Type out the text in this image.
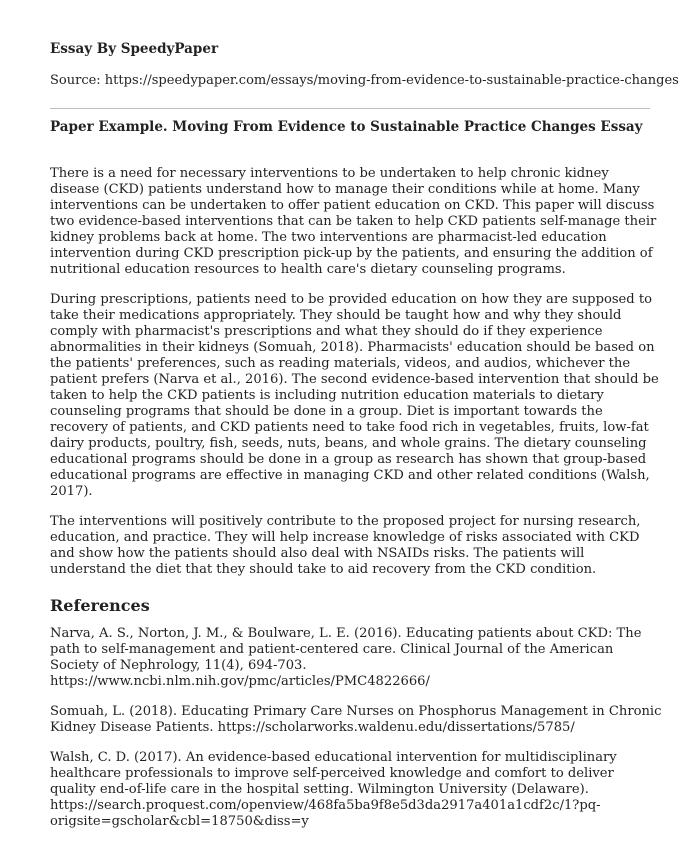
Essay By SpeedyPaper
Source: https://speedypaper.com/essays/moving-from-evidence-to-sustainable-practice-changes
Paper Example. Moving From Evidence to Sustainable Practice Changes Essay

There is a need for necessary interventions to be undertaken to help chronic kidney disease (CKD) patients understand how to manage their conditions while at home. Many interventions can be undertaken to offer patient education on CKD. This paper will discuss two evidence-based interventions that can be taken to help CKD patients self-manage their kidney problems back at home. The two interventions are pharmacist-led education intervention during CKD prescription pick-up by the patients, and ensuring the addition of nutritional education resources to health care's dietary counseling programs.

During prescriptions, patients need to be provided education on how they are supposed to take their medications appropriately. They should be taught how and why they should comply with pharmacist's prescriptions and what they should do if they experience abnormalities in their kidneys (Somuah, 2018). Pharmacists' education should be based on the patients' preferences, such as reading materials, videos, and audios, whichever the patient prefers (Narva et al., 2016). The second evidence-based intervention that should be taken to help the CKD patients is including nutrition education materials to dietary counseling programs that should be done in a group. Diet is important towards the recovery of patients, and CKD patients need to take food rich in vegetables, fruits, low-fat dairy products, poultry, fish, seeds, nuts, beans, and whole grains. The dietary counseling educational programs should be done in a group as research has shown that group-based educational programs are effective in managing CKD and other related conditions (Walsh, 2017).

The interventions will positively contribute to the proposed project for nursing research, education, and practice. They will help increase knowledge of risks associated with CKD and show how the patients should also deal with NSAIDs risks. The patients will understand the diet that they should take to aid recovery from the CKD condition.

References

Narva, A. S., Norton, J. M., & Boulware, L. E. (2016). Educating patients about CKD: The path to self-management and patient-centered care. Clinical Journal of the American Society of Nephrology, 11(4), 694-703. https://www.ncbi.nlm.nih.gov/pmc/articles/PMC4822666/

Somuah, L. (2018). Educating Primary Care Nurses on Phosphorus Management in Chronic Kidney Disease Patients. https://scholarworks.waldenu.edu/dissertations/5785/

Walsh, C. D. (2017). An evidence-based educational intervention for multidisciplinary healthcare professionals to improve self-perceived knowledge and comfort to deliver quality end-of-life care in the hospital setting. Wilmington University (Delaware). https://search.proquest.com/openview/468fa5ba9f8e5d3da2917a401a1cdf2c/1?pq-origsite=gscholar&cbl=18750&diss=y
